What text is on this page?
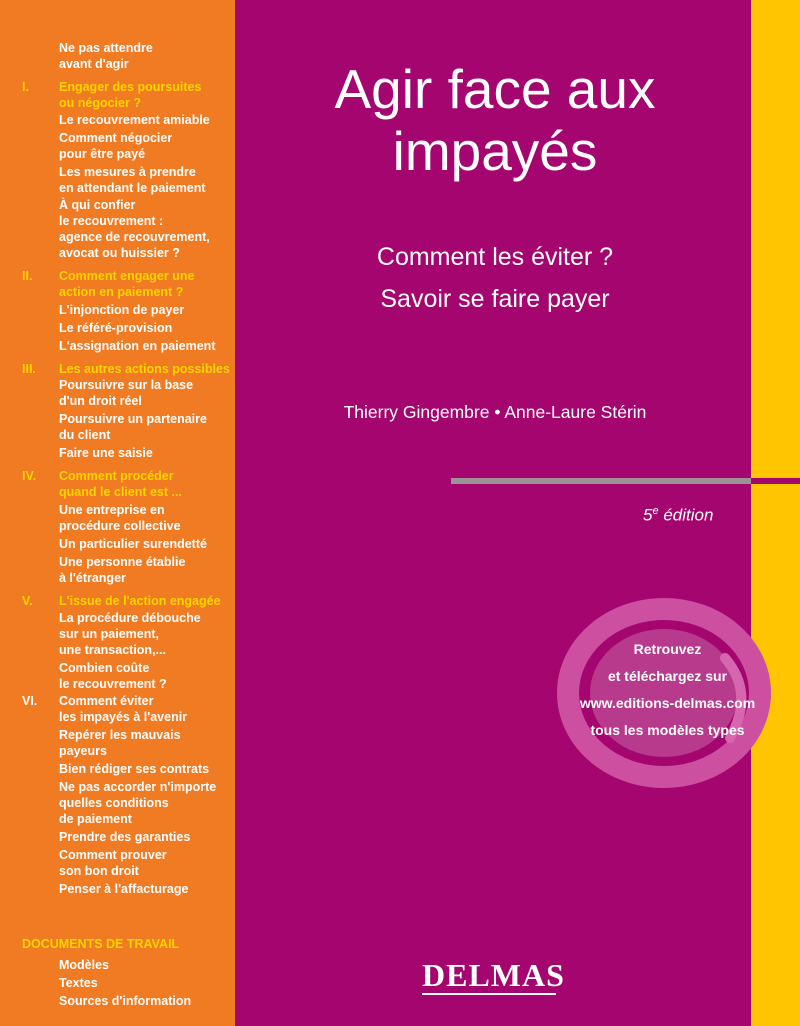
Ne pas attendre
avant d'agir
I. Engager des poursuites
ou négocier ?
Le recouvrement amiable
Comment négocier
pour être payé
Les mesures à prendre
en attendant le paiement
À qui confier
le recouvrement :
agence de recouvrement,
avocat ou huissier ?
II. Comment engager une
action en paiement ?
L'injonction de payer
Le référé-provision
L'assignation en paiement
III. Les autres actions possibles
Poursuivre sur la base
d'un droit réel
Poursuivre un partenaire
du client
Faire une saisie
IV. Comment procéder
quand le client est ...
Une entreprise en
procédure collective
Un particulier surendetté
Une personne établie
à l'étranger
V. L'issue de l'action engagée
La procédure débouche
sur un paiement,
une transaction,...
Combien coûte
le recouvrement ?
VI. Comment éviter
les impayés à l'avenir
Repérer les mauvais
payeurs
Bien rédiger ses contrats
Ne pas accorder n'importe
quelles conditions
de paiement
Prendre des garanties
Comment prouver
son bon droit
Penser à l'affacturage
DOCUMENTS DE TRAVAIL
Modèles
Textes
Sources d'information
Agir face aux
impayés
Comment les éviter ?
Savoir se faire payer
Thierry Gingembre • Anne-Laure Stérin
5e édition
Retrouvez
et téléchargez sur
www.editions-delmas.com
tous les modèles types
DELMAS
